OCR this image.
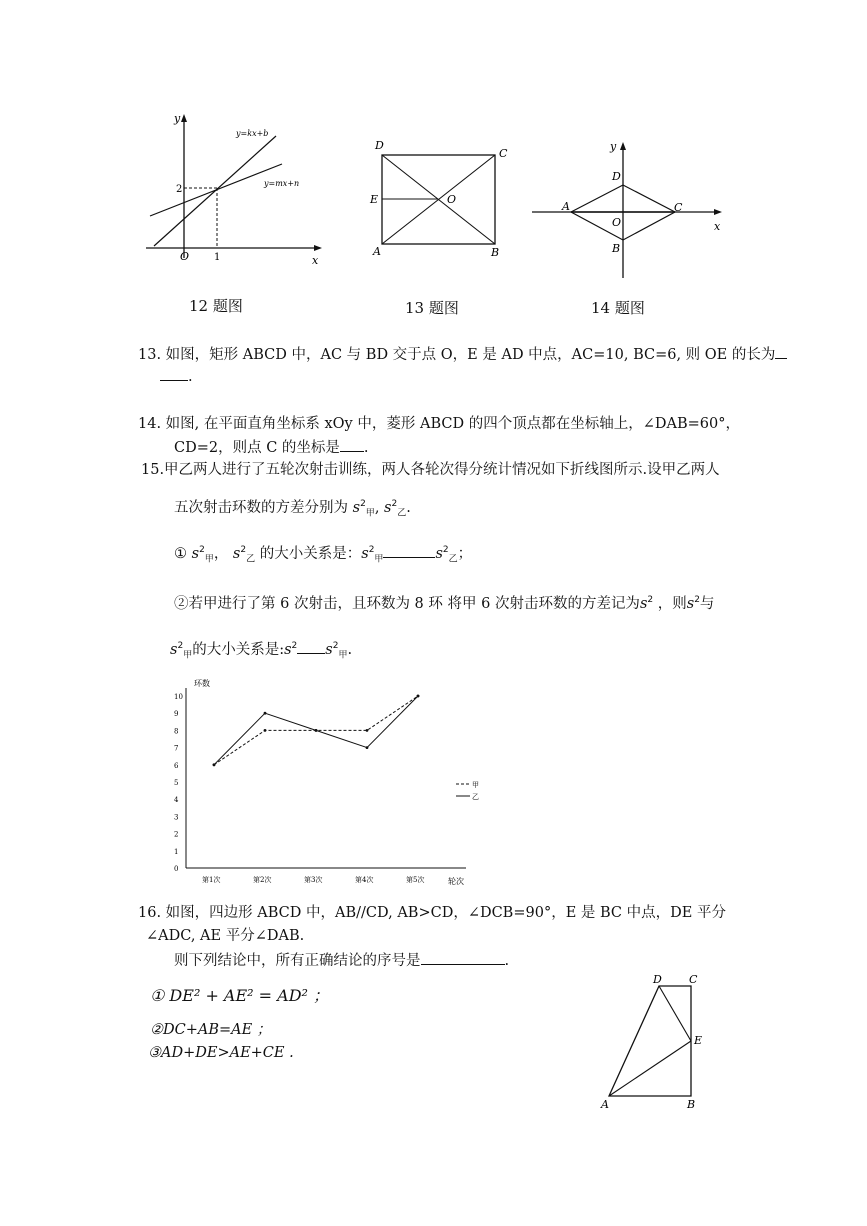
y
x
O
2
1
y=kx+b
y=mx+n
12 题图
D
C
E	O
A	B
13 题图
y
x
D
A	C
O
B
14 题图
13. 如图，矩形 ABCD 中，AC 与 BD 交于点 O，E 是 AD 中点，AC=10, BC=6, 则 OE 的长为
.
14. 如图, 在平面直角坐标系 xOy 中，菱形 ABCD 的四个顶点都在坐标轴上，∠DAB=60°，
CD=2，则点 C 的坐标是 .
15.甲乙两人进行了五轮次射击训练，两人各轮次得分统计情况如下折线图所示.设甲乙两人
五次射击环数的方差分别为 $s^2_甲$, $s^2_乙$.
① $s^2_甲$， $s^2_乙$ 的大小关系是：$s^2_甲$	$s^2_乙$；
②若甲进行了第 6 次射击，且环数为 8 环 将甲 6 次射击环数的方差记为$s^2$ ，则$s^2$与
$s^2_甲$的大小关系是$:s^2$ $s^2_甲$.
环数
轮次
0
1
2
3
4
5
6
7
8
9
10
第1次	第2次	第3次	第4次	第5次
甲
乙
16. 如图，四边形 ABCD 中，AB//CD, AB>CD，∠DCB=90°，E 是 BC 中点，DE 平分
∠ADC, AE 平分∠DAB.
则下列结论中，所有正确结论的序号是	.
① DE² + AE² = AD² ；
②DC+AB=AE ；
③AD+DE>AE+CE .
D C
E
A	B
